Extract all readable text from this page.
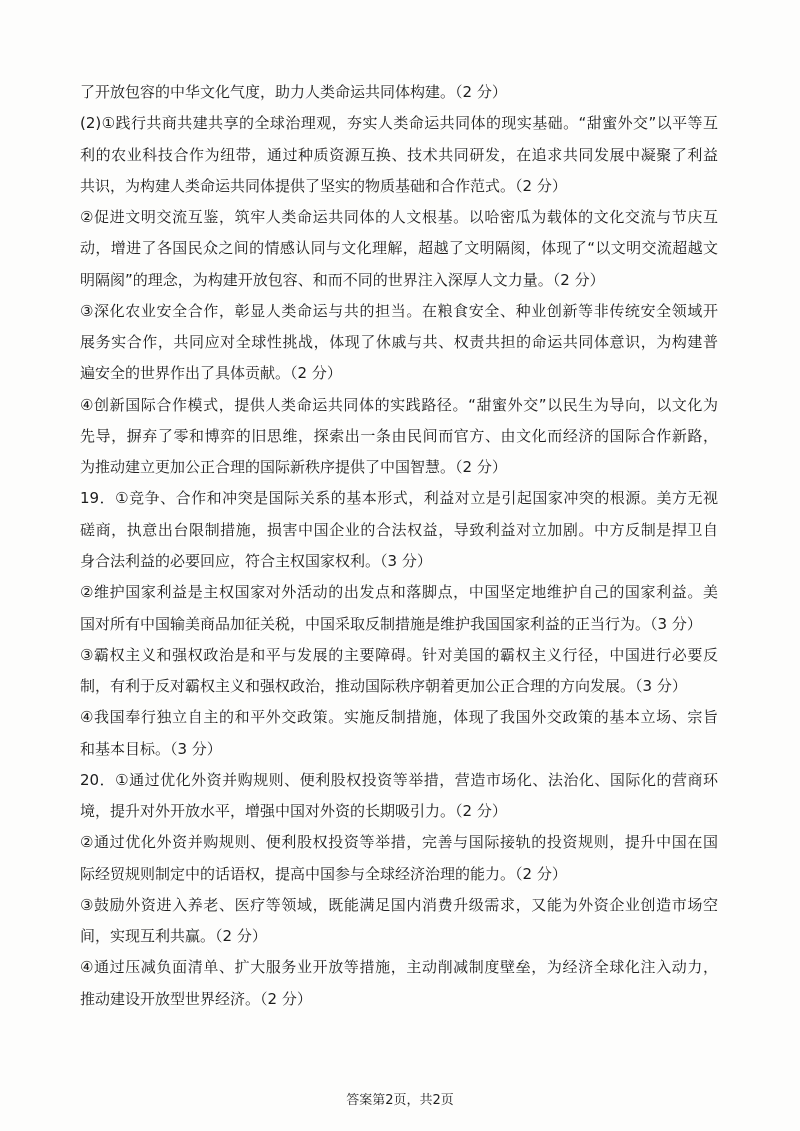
了开放包容的中华文化气度，助力人类命运共同体构建。（2 分）
(2)①践行共商共建共享的全球治理观，夯实人类命运共同体的现实基础。“甜蜜外交”以平等互
利的农业科技合作为纽带，通过种质资源互换、技术共同研发，在追求共同发展中凝聚了利益
共识，为构建人类命运共同体提供了坚实的物质基础和合作范式。（2 分）
②促进文明交流互鉴，筑牢人类命运共同体的人文根基。以哈密瓜为载体的文化交流与节庆互
动，增进了各国民众之间的情感认同与文化理解，超越了文明隔阂，体现了“以文明交流超越文
明隔阂”的理念，为构建开放包容、和而不同的世界注入深厚人文力量。（2 分）
③深化农业安全合作，彰显人类命运与共的担当。在粮食安全、种业创新等非传统安全领域开
展务实合作，共同应对全球性挑战，体现了休戚与共、权责共担的命运共同体意识，为构建普
遍安全的世界作出了具体贡献。（2 分）
④创新国际合作模式，提供人类命运共同体的实践路径。“甜蜜外交”以民生为导向，以文化为
先导，摒弃了零和博弈的旧思维，探索出一条由民间而官方、由文化而经济的国际合作新路，
为推动建立更加公正合理的国际新秩序提供了中国智慧。（2 分）
19．①竞争、合作和冲突是国际关系的基本形式，利益对立是引起国家冲突的根源。美方无视
磋商，执意出台限制措施，损害中国企业的合法权益，导致利益对立加剧。中方反制是捍卫自
身合法利益的必要回应，符合主权国家权利。（3 分）
②维护国家利益是主权国家对外活动的出发点和落脚点，中国坚定地维护自己的国家利益。美
国对所有中国输美商品加征关税，中国采取反制措施是维护我国国家利益的正当行为。（3 分）
③霸权主义和强权政治是和平与发展的主要障碍。针对美国的霸权主义行径，中国进行必要反
制，有利于反对霸权主义和强权政治，推动国际秩序朝着更加公正合理的方向发展。（3 分）
④我国奉行独立自主的和平外交政策。实施反制措施，体现了我国外交政策的基本立场、宗旨
和基本目标。（3 分）
20．①通过优化外资并购规则、便利股权投资等举措，营造市场化、法治化、国际化的营商环
境，提升对外开放水平，增强中国对外资的长期吸引力。（2 分）
②通过优化外资并购规则、便利股权投资等举措，完善与国际接轨的投资规则，提升中国在国
际经贸规则制定中的话语权，提高中国参与全球经济治理的能力。（2 分）
③鼓励外资进入养老、医疗等领域，既能满足国内消费升级需求，又能为外资企业创造市场空
间，实现互利共赢。（2 分）
④通过压减负面清单、扩大服务业开放等措施，主动削减制度壁垒，为经济全球化注入动力，
推动建设开放型世界经济。（2 分）
答案第2页，共2页
